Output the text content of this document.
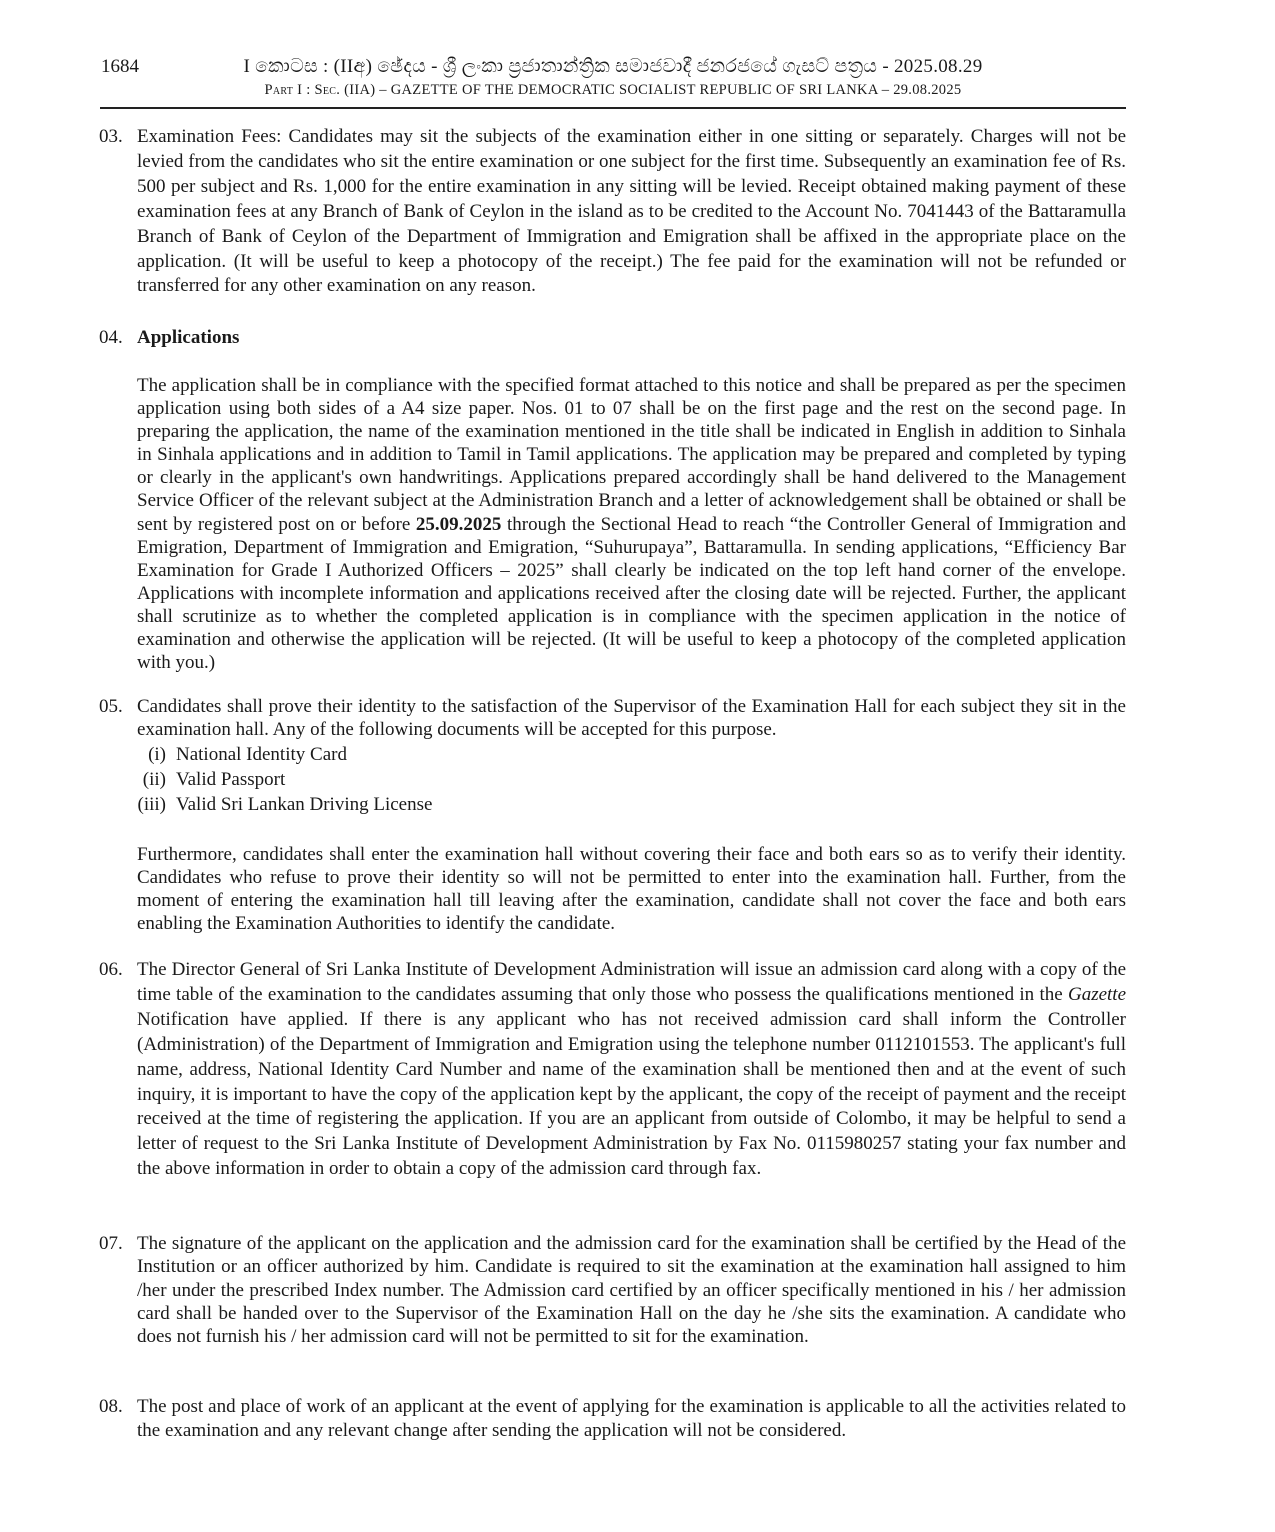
1684	I කොටස : (IIඅ) ඡේදය - ශ්‍රී ලංකා ප්‍රජාතාන්ත්‍රික සමාජවාදී ජනරජයේ ගැසට් පත්‍රය - 2025.08.29
Part I : Sec. (IIA) – GAZETTE OF THE DEMOCRATIC SOCIALIST REPUBLIC OF SRI LANKA – 29.08.2025
03. Examination Fees: Candidates may sit the subjects of the examination either in one sitting or separately. Charges will not be levied from the candidates who sit the entire examination or one subject for the first time. Subsequently an examination fee of Rs. 500 per subject and Rs. 1,000 for the entire examination in any sitting will be levied. Receipt obtained making payment of these examination fees at any Branch of Bank of Ceylon in the island as to be credited to the Account No. 7041443 of the Battaramulla Branch of Bank of Ceylon of the Department of Immigration and Emigration shall be affixed in the appropriate place on the application. (It will be useful to keep a photocopy of the receipt.) The fee paid for the examination will not be refunded or transferred for any other examination on any reason.
04. Applications
The application shall be in compliance with the specified format attached to this notice and shall be prepared as per the specimen application using both sides of a A4 size paper. Nos. 01 to 07 shall be on the first page and the rest on the second page. In preparing the application, the name of the examination mentioned in the title shall be indicated in English in addition to Sinhala in Sinhala applications and in addition to Tamil in Tamil applications. The application may be prepared and completed by typing or clearly in the applicant's own handwritings. Applications prepared accordingly shall be hand delivered to the Management Service Officer of the relevant subject at the Administration Branch and a letter of acknowledgement shall be obtained or shall be sent by registered post on or before 25.09.2025 through the Sectional Head to reach “the Controller General of Immigration and Emigration, Department of Immigration and Emigration, “Suhurupaya”, Battaramulla. In sending applications, “Efficiency Bar Examination for Grade I Authorized Officers – 2025” shall clearly be indicated on the top left hand corner of the envelope. Applications with incomplete information and applications received after the closing date will be rejected. Further, the applicant shall scrutinize as to whether the completed application is in compliance with the specimen application in the notice of examination and otherwise the application will be rejected. (It will be useful to keep a photocopy of the completed application with you.)
05. Candidates shall prove their identity to the satisfaction of the Supervisor of the Examination Hall for each subject they sit in the examination hall. Any of the following documents will be accepted for this purpose.
(i) National Identity Card
(ii) Valid Passport
(iii) Valid Sri Lankan Driving License
Furthermore, candidates shall enter the examination hall without covering their face and both ears so as to verify their identity. Candidates who refuse to prove their identity so will not be permitted to enter into the examination hall. Further, from the moment of entering the examination hall till leaving after the examination, candidate shall not cover the face and both ears enabling the Examination Authorities to identify the candidate.
06. The Director General of Sri Lanka Institute of Development Administration will issue an admission card along with a copy of the time table of the examination to the candidates assuming that only those who possess the qualifications mentioned in the Gazette Notification have applied. If there is any applicant who has not received admission card shall inform the Controller (Administration) of the Department of Immigration and Emigration using the telephone number 0112101553. The applicant's full name, address, National Identity Card Number and name of the examination shall be mentioned then and at the event of such inquiry, it is important to have the copy of the application kept by the applicant, the copy of the receipt of payment and the receipt received at the time of registering the application. If you are an applicant from outside of Colombo, it may be helpful to send a letter of request to the Sri Lanka Institute of Development Administration by Fax No. 0115980257 stating your fax number and the above information in order to obtain a copy of the admission card through fax.
07. The signature of the applicant on the application and the admission card for the examination shall be certified by the Head of the Institution or an officer authorized by him. Candidate is required to sit the examination at the examination hall assigned to him /her under the prescribed Index number. The Admission card certified by an officer specifically mentioned in his / her admission card shall be handed over to the Supervisor of the Examination Hall on the day he /she sits the examination. A candidate who does not furnish his / her admission card will not be permitted to sit for the examination.
08. The post and place of work of an applicant at the event of applying for the examination is applicable to all the activities related to the examination and any relevant change after sending the application will not be considered.
